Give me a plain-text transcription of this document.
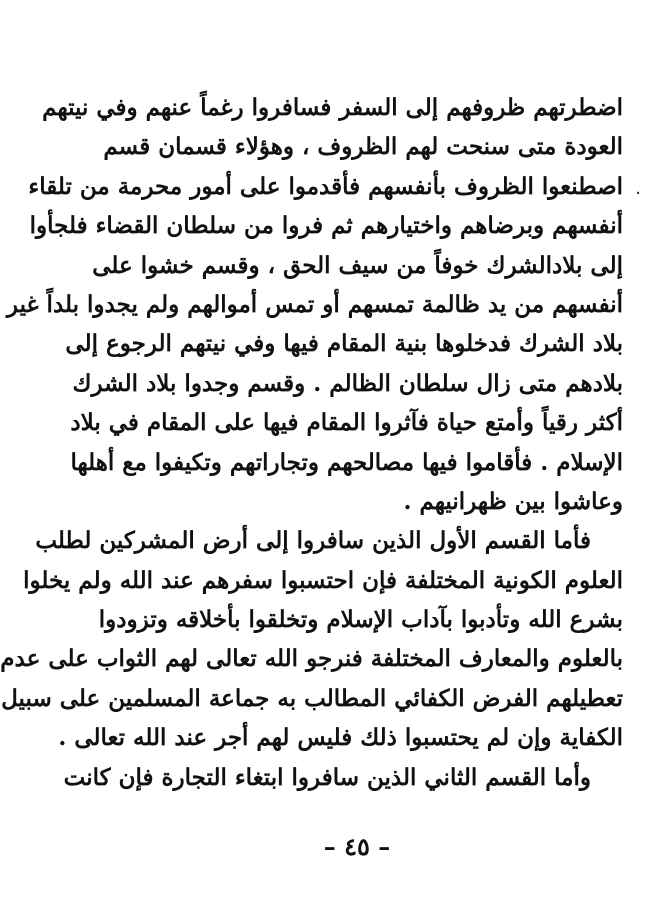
اضطرتهم ظروفهم إلى السفر فسافروا رغماً عنهم وفي نيتهم
العودة متى سنحت لهم الظروف ، وهؤلاء قسمان قسم
اصطنعوا الظروف بأنفسهم فأقدموا على أمور محرمة من تلقاء
أنفسهم وبرضاهم واختيارهم ثم فروا من سلطان القضاء فلجأوا
إلى بلادالشرك خوفاً من سيف الحق ، وقسم خشوا على
أنفسهم من يد ظالمة تمسهم أو تمس أموالهم ولم يجدوا بلداً غير
بلاد الشرك فدخلوها بنية المقام فيها وفي نيتهم الرجوع إلى
بلادهم متى زال سلطان الظالم . وقسم وجدوا بلاد الشرك
أكثر رقياً وأمتع حياة فآثروا المقام فيها على المقام في بلاد
الإسلام . فأقاموا فيها مصالحهم وتجاراتهم وتكيفوا مع أهلها
وعاشوا بين ظهرانيهم .
فأما القسم الأول الذين سافروا إلى أرض المشركين لطلب
العلوم الكونية المختلفة فإن احتسبوا سفرهم عند الله ولم يخلوا
بشرع الله وتأدبوا بآداب الإسلام وتخلقوا بأخلاقه وتزودوا
بالعلوم والمعارف المختلفة فنرجو الله تعالى لهم الثواب على عدم
تعطيلهم الفرض الكفائي المطالب به جماعة المسلمين على سبيل
الكفاية وإن لم يحتسبوا ذلك فليس لهم أجر عند الله تعالى .
وأما القسم الثاني الذين سافروا ابتغاء التجارة فإن كانت
.
– ٤٥ –
